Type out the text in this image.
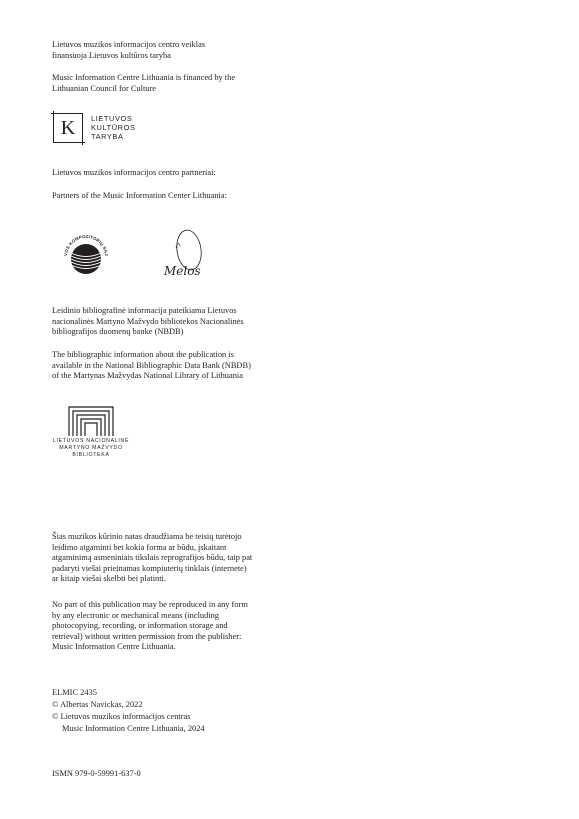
Lietuvos muzikos informacijos centro veiklas
finansuoja Lietuvos kultūros taryba

Music Information Centre Lithuania is financed by the
Lithuanian Council for Culture

K LIETUVOS
KULTŪROS
TARYBA

Lietuvos muzikos informacijos centro partneriai:

Partners of the Music Information Center Lithuania:

VOS KOMPOZITORIŲ SĄJ
Melos

Leidinio bibliografinė informacija pateikiama Lietuvos
nacionalinės Martyno Mažvydo bibliotekos Nacionalinės
bibliografijos duomenų banke (NBDB)

The bibliographic information about the publication is
available in the National Bibliographic Data Bank (NBDB)
of the Martynas Mažvydas National Library of Lithuania

LIETUVOS NACIONALINĖ
MARTYNO MAŽVYDO
BIBLIOTEKA

Šias muzikos kūrinio natas draudžiama be teisių turėtojo
leidimo atgaminti bet kokia forma ar būdu, įskaitant
atgaminimą asmeniniais tikslais reprografijos būdu, taip pat
padaryti viešai prieinamas kompiuterių tinklais (internete)
ar kitaip viešai skelbti bei platinti.

No part of this publication may be reproduced in any form
by any electronic or mechanical means (including
photocopying, recording, or information storage and
retrieval) without written permission from the publisher:
Music Information Centre Lithuania.

ELMIC 2435

© Albertas Navickas, 2022

© Lietuvos muzikos informacijos centras

Music Information Centre Lithuania, 2024

ISMN 979-0-59991-637-0
